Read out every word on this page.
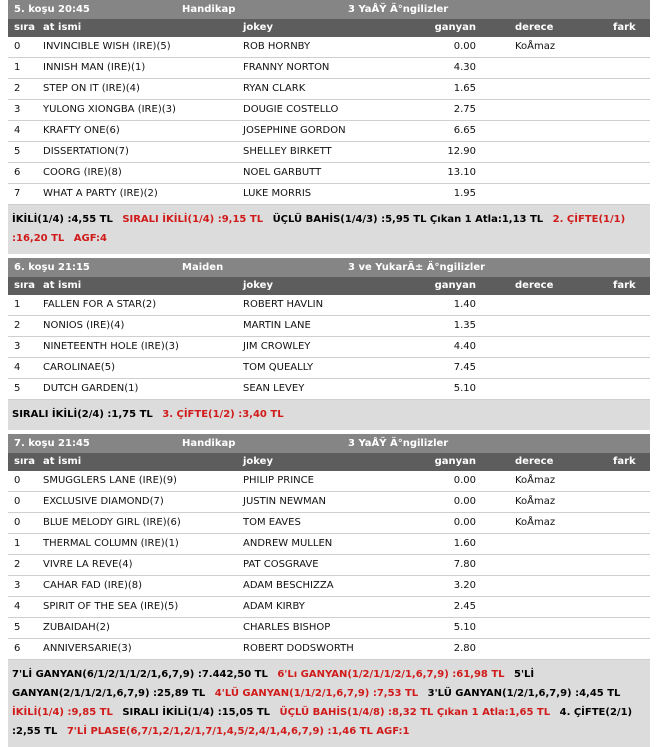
5. koşu 20:45	Handikap	3 YaÅŸ Ä°ngilizler
sıra at ismi	jokey	ganyan	derece	fark
0 INVINCIBLE WISH (IRE)(5)	ROB HORNBY	0.00	KoÅmaz
1 INNISH MAN (IRE)(1)	FRANNY NORTON	4.30
2 STEP ON IT (IRE)(4)	RYAN CLARK	1.65
3 YULONG XIONGBA (IRE)(3)	DOUGIE COSTELLO	2.75
4 KRAFTY ONE(6)	JOSEPHINE GORDON	6.65
5 DISSERTATION(7)	SHELLEY BIRKETT	12.90
6 COORG (IRE)(8)	NOEL GARBUTT	13.10
7 WHAT A PARTY (IRE)(2)	LUKE MORRIS	1.95
İKİLİ(1/4) :4,55 TL SIRALI İKİLİ(1/4) :9,15 TL ÜÇLÜ BAHİS(1/4/3) :5,95 TL Çıkan 1 Atla:1,13 TL 2. ÇİFTE(1/1) :16,20 TL AGF:4
6. koşu 21:15	Maiden	3 ve YukarÄ± Ä°ngilizler
sıra at ismi	jokey	ganyan	derece	fark
1 FALLEN FOR A STAR(2)	ROBERT HAVLIN	1.40
2 NONIOS (IRE)(4)	MARTIN LANE	1.35
3 NINETEENTH HOLE (IRE)(3)	JIM CROWLEY	4.40
4 CAROLINAE(5)	TOM QUEALLY	7.45
5 DUTCH GARDEN(1)	SEAN LEVEY	5.10
SIRALI İKİLİ(2/4) :1,75 TL 3. ÇİFTE(1/2) :3,40 TL
7. koşu 21:45	Handikap	3 YaÅŸ Ä°ngilizler
sıra at ismi	jokey	ganyan	derece	fark
0 SMUGGLERS LANE (IRE)(9)	PHILIP PRINCE	0.00	KoÅmaz
0 EXCLUSIVE DIAMOND(7)	JUSTIN NEWMAN	0.00	KoÅmaz
0 BLUE MELODY GIRL (IRE)(6)	TOM EAVES	0.00	KoÅmaz
1 THERMAL COLUMN (IRE)(1)	ANDREW MULLEN	1.60
2 VIVRE LA REVE(4)	PAT COSGRAVE	7.80
3 CAHAR FAD (IRE)(8)	ADAM BESCHIZZA	3.20
4 SPIRIT OF THE SEA (IRE)(5)	ADAM KIRBY	2.45
5 ZUBAIDAH(2)	CHARLES BISHOP	5.10
6 ANNIVERSARIE(3)	ROBERT DODSWORTH	2.80
7'Lİ GANYAN(6/1/2/1/1/2/1,6,7,9) :7.442,50 TL 6'Lı GANYAN(1/2/1/1/2/1,6,7,9) :61,98 TL 5'Lİ GANYAN(2/1/1/2/1,6,7,9) :25,89 TL 4'LÜ GANYAN(1/1/2/1,6,7,9) :7,53 TL 3'LÜ GANYAN(1/2/1,6,7,9) :4,45 TL İKİLİ(1/4) :9,85 TL SIRALI İKİLİ(1/4) :15,05 TL ÜÇLÜ BAHİS(1/4/8) :8,32 TL Çıkan 1 Atla:1,65 TL 4. ÇİFTE(2/1) :2,55 TL 7'Lİ PLASE(6,7/1,2/1,2/1,7/1,4,5/2,4/1,4,6,7,9) :1,46 TL AGF:1
